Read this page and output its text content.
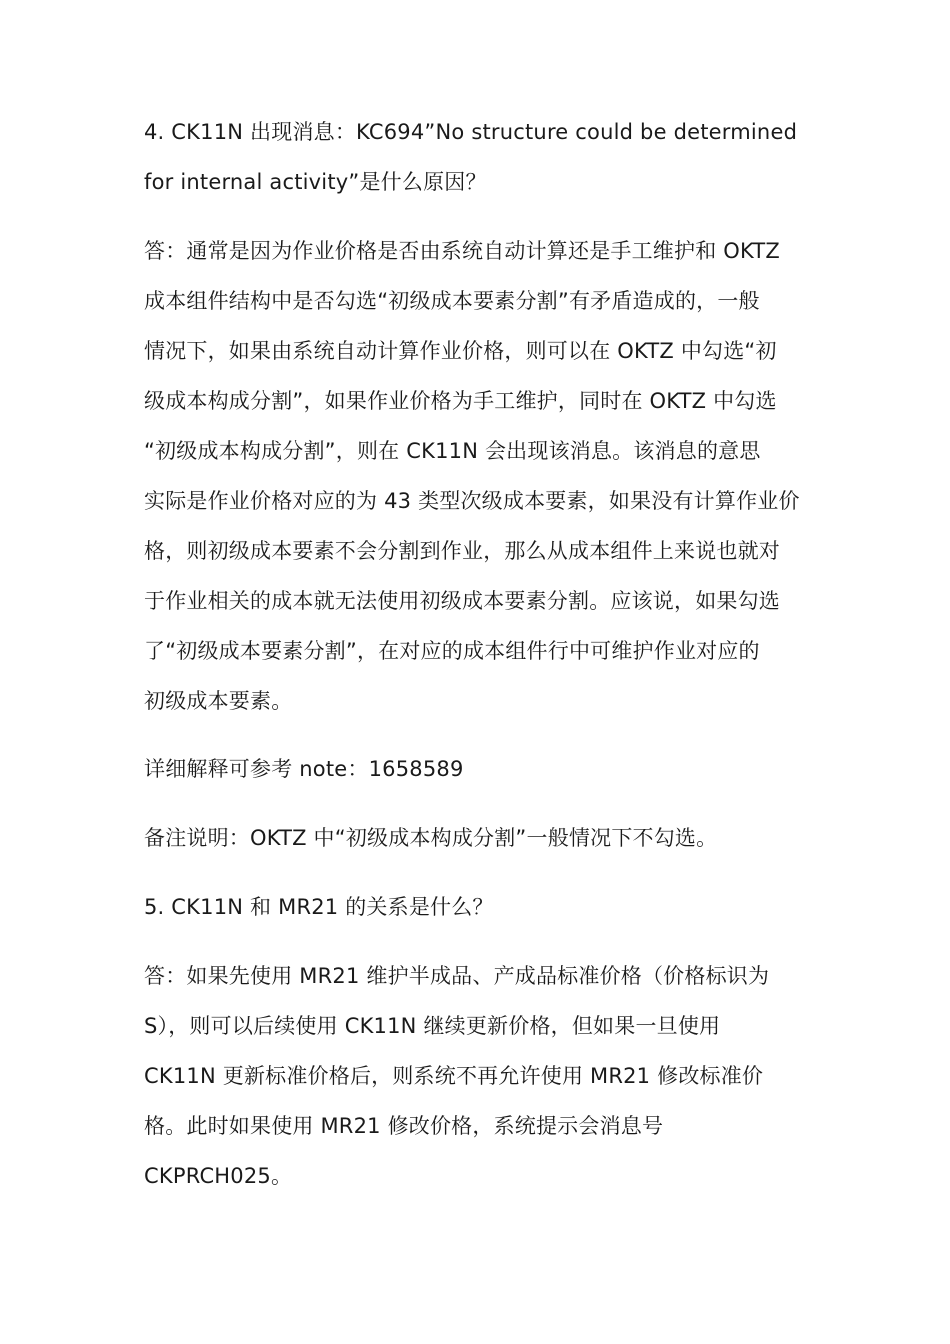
4. CK11N 出现消息：KC694”No structure could be determined
for internal activity”是什么原因？
答：通常是因为作业价格是否由系统自动计算还是手工维护和 OKTZ
成本组件结构中是否勾选“初级成本要素分割”有矛盾造成的，一般
情况下，如果由系统自动计算作业价格，则可以在 OKTZ 中勾选“初
级成本构成分割”，如果作业价格为手工维护，同时在 OKTZ 中勾选
“初级成本构成分割”，则在 CK11N 会出现该消息。该消息的意思
实际是作业价格对应的为 43 类型次级成本要素，如果没有计算作业价
格，则初级成本要素不会分割到作业，那么从成本组件上来说也就对
于作业相关的成本就无法使用初级成本要素分割。应该说，如果勾选
了“初级成本要素分割”，在对应的成本组件行中可维护作业对应的
初级成本要素。
详细解释可参考 note：1658589
备注说明：OKTZ 中“初级成本构成分割”一般情况下不勾选。
5. CK11N 和 MR21 的关系是什么？
答：如果先使用 MR21 维护半成品、产成品标准价格（价格标识为
S），则可以后续使用 CK11N 继续更新价格，但如果一旦使用
CK11N 更新标准价格后，则系统不再允许使用 MR21 修改标准价
格。此时如果使用 MR21 修改价格，系统提示会消息号
CKPRCH025。
